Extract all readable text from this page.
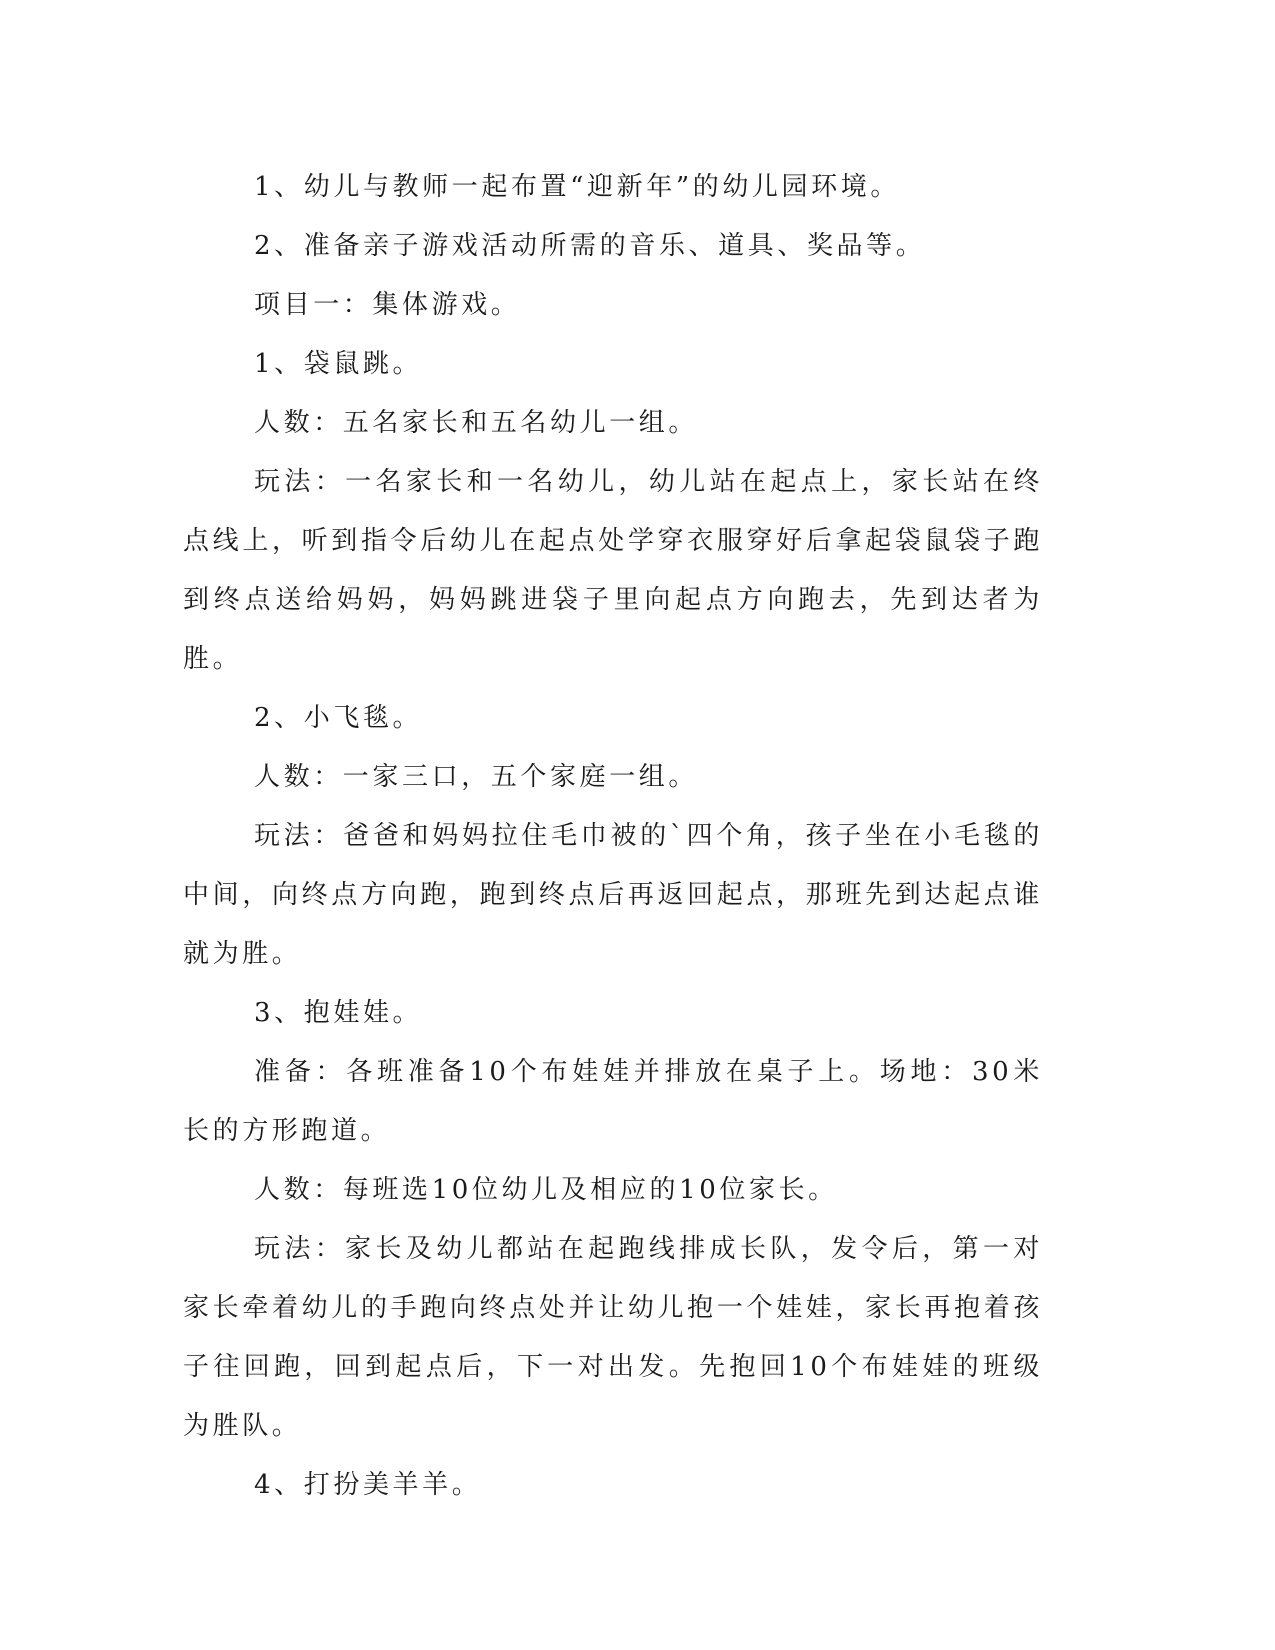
1、幼儿与教师一起布置“迎新年”的幼儿园环境。

2、准备亲子游戏活动所需的音乐、道具、奖品等。

项目一：集体游戏。

1、袋鼠跳。

人数：五名家长和五名幼儿一组。

玩法：一名家长和一名幼儿，幼儿站在起点上，家长站在终点线上，听到指令后幼儿在起点处学穿衣服穿好后拿起袋鼠袋子跑到终点送给妈妈，妈妈跳进袋子里向起点方向跑去，先到达者为胜。

2、小飞毯。

人数：一家三口，五个家庭一组。

玩法：爸爸和妈妈拉住毛巾被的`四个角，孩子坐在小毛毯的中间，向终点方向跑，跑到终点后再返回起点，那班先到达起点谁就为胜。

3、抱娃娃。

准备：各班准备10个布娃娃并排放在桌子上。场地：30米长的方形跑道。

人数：每班选10位幼儿及相应的10位家长。

玩法：家长及幼儿都站在起跑线排成长队，发令后，第一对家长牵着幼儿的手跑向终点处并让幼儿抱一个娃娃，家长再抱着孩子往回跑，回到起点后，下一对出发。先抱回10个布娃娃的班级为胜队。

4、打扮美羊羊。
